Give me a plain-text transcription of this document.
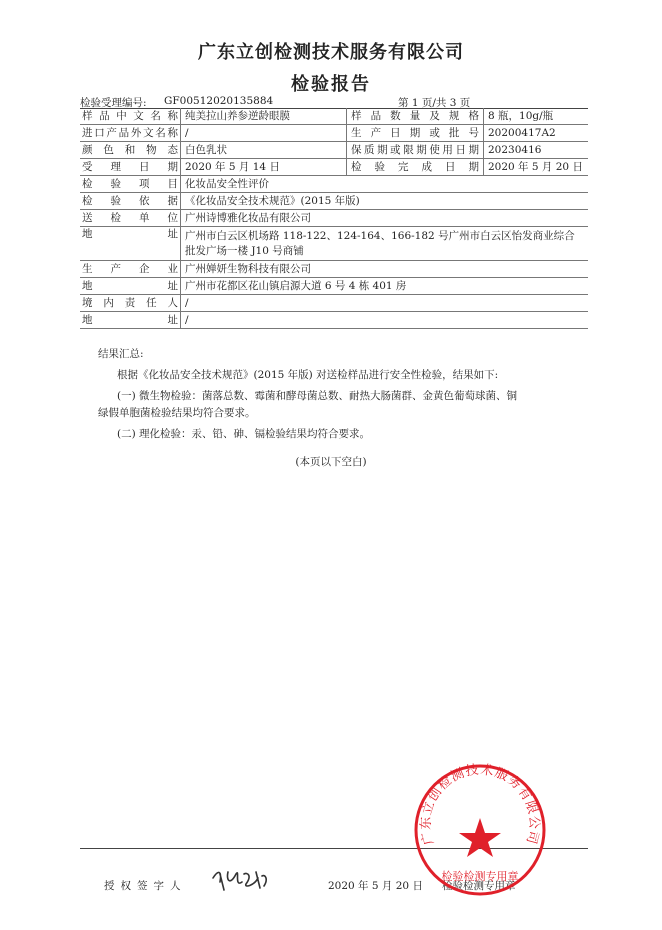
广东立创检测技术服务有限公司
检验报告
检验受理编号: GF00512020135884	第 1 页/共 3 页
样品中文名称	纯美拉山养参逆龄眼膜	样品数量及规格	8 瓶，10g/瓶

进口产品外文名称	/	生产日期或批号	20200417A2

颜色和物态	白色乳状	保质期或限期使用日期	20230416

受理日期	2020 年 5 月 14 日	检验完成日期	2020 年 5 月 20 日

检验项目	化妆品安全性评价		

检验依据	《化妆品安全技术规范》(2015 年版)		

送检单位	广州诗博雅化妆品有限公司		

地址	广州市白云区机场路 118-122、124-164、166-182 号广州市白云区怡发商业综合批发广场一楼 J10 号商铺		

生产企业	广州婵妍生物科技有限公司		

地址	广州市花都区花山镇启源大道 6 号 4 栋 401 房		

境内责任人	/		

地址	/		
结果汇总:
根据《化妆品安全技术规范》(2015 年版) 对送检样品进行安全性检验，结果如下:
(一) 微生物检验：菌落总数、霉菌和酵母菌总数、耐热大肠菌群、金黄色葡萄球菌、铜
绿假单胞菌检验结果均符合要求。
(二) 理化检验：汞、铅、砷、镉检验结果均符合要求。
(本页以下空白)
授权签字人	2020 年 5 月 20 日 检验检测专用章
广东立创检测技术服务有限公司
检验检测专用章
